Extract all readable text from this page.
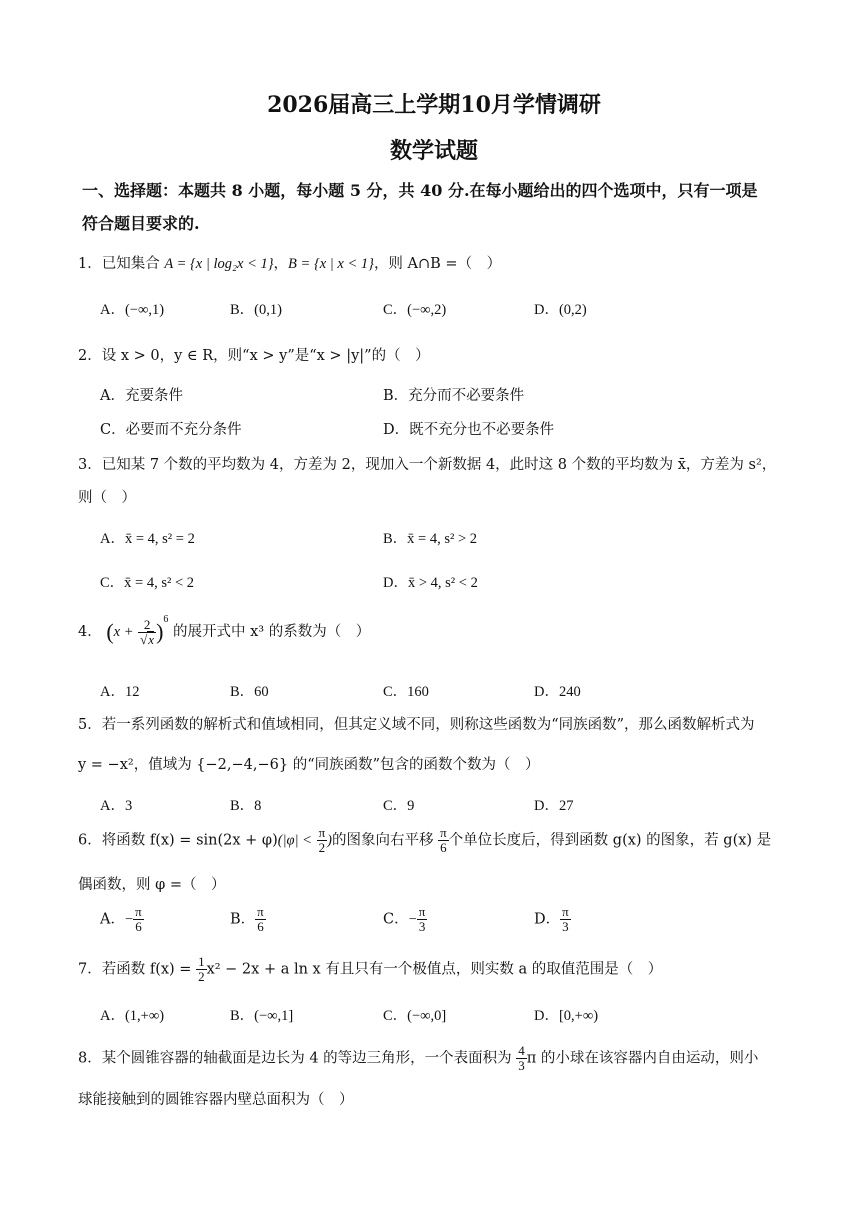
2026届高三上学期10月学情调研
数学试题
一、选择题：本题共 8 小题，每小题 5 分，共 40 分.在每小题给出的四个选项中，只有一项是
符合题目要求的.
1．已知集合 A = {x | log₂x < 1}，B = {x | x < 1}，则 A∩B =（　）
A．(−∞,1)	B．(0,1)	C．(−∞,2)	D．(0,2)
2．设 x > 0，y ∈ R，则“x > y”是“x > |y|”的（　）
A．充要条件	B．充分而不必要条件
C．必要而不充分条件	D．既不充分也不必要条件
3．已知某 7 个数的平均数为 4，方差为 2，现加入一个新数据 4，此时这 8 个数的平均数为 x̄，方差为 s²，
则（　）
A．x̄ = 4, s² = 2	B．x̄ = 4, s² > 2
C．x̄ = 4, s² < 2	D．x̄ > 4, s² < 2
4． $(x + \frac{2}{√x} )^6$ 的展开式中 x³ 的系数为（　）
A．12	B．60	C．160	D．240
5．若一系列函数的解析式和值域相同，但其定义域不同，则称这些函数为“同族函数”，那么函数解析式为
y = −x²，值域为 {−2,−4,−6} 的“同族函数”包含的函数个数为（　）
A．3	B．8	C．9	D．27
6．将函数 $f(x) = \sin(2x + \varphi)(|\varphi| < \frac{\pi}{2}$ )的图象向右平移 $\frac{\pi}{6}$ 个单位长度后，得到函数 g(x) 的图象，若 g(x) 是
偶函数，则 φ =（　）
A．− $\frac{\pi}{6}$	B． $\frac{\pi}{6}$	C．− $\frac{\pi}{3}$	D． $\frac{\pi}{3}$
7．若函数 $f(x) = \frac{1}{2} x^2 - 2x + a$ ln x 有且只有一个极值点，则实数 a 的取值范围是（　）
A．(1,+∞)	B．(−∞,1]	C．(−∞,0]	D．[0,+∞)
8．某个圆锥容器的轴截面是边长为 4 的等边三角形，一个表面积为 $\frac{4}{3}$ π 的小球在该容器内自由运动，则小
球能接触到的圆锥容器内壁总面积为（　）
